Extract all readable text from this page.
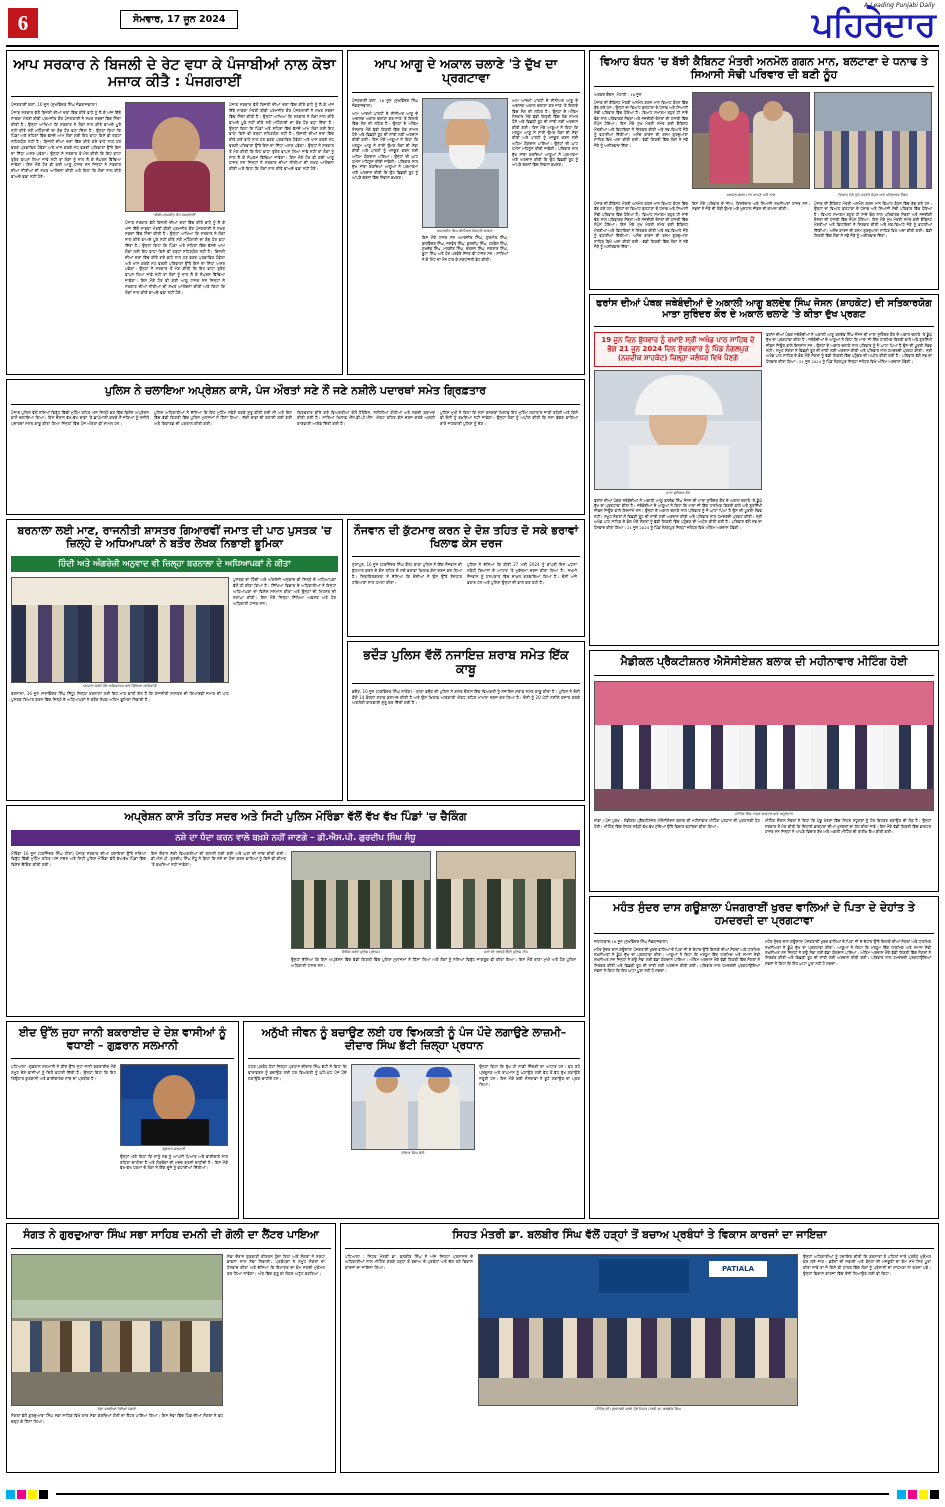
6	ਸੋਮਵਾਰ, 17 ਜੂਨ 2024
A Leading Punjabi Daily
ਪਹਿਰੇਦਾਰ
ਆਪ ਸਰਕਾਰ ਨੇ ਬਿਜਲੀ ਦੇ ਰੇਟ ਵਧਾ ਕੇ ਪੰਜਾਬੀਆਂ ਨਾਲ ਕੋਝਾ ਮਜਾਕ ਕੀਤੈ : ਪੰਜਗਰਾਈਂ
ਪੰਜਗਰਾਈਂ ਕਲਾਂ, 16 ਜੂਨ (ਸੁਖਵਿੰਦਰ ਸਿੰਘ ਜੰਡਬਾਜਵਾਲਾ)
ਪੰਜਾਬ ਸਰਕਾਰ ਵੱਲੋਂ ਬਿਜਲੀ ਦੀਆਂ ਦਰਾਂ ਵਿੱਚ ਕੀਤੇ ਵਾਧੇ ਨੂੰ ਲੈ ਕੇ ਅੱਜ ਇੱਥੇ ਸਾਬਕਾ ਮੰਤਰੀ ਬੀਬੀ ਪਰਮਜੀਤ ਕੌਰ ਪੰਜਗਰਾਈਂ ਨੇ ਸਖ਼ਤ ਸ਼ਬਦਾਂ ਵਿੱਚ ਨਿੰਦਾ ਕੀਤੀ ਹੈ। ਉਨ੍ਹਾਂ ਆਖਿਆ ਕਿ ਸਰਕਾਰ ਨੇ ਲੋਕਾਂ ਨਾਲ ਕੀਤੇ ਵਾਅਦੇ ਪੂਰੇ ਨਹੀਂ ਕੀਤੇ ਸਗੋਂ ਮਹਿੰਗਾਈ ਦਾ ਬੋਝ ਹੋਰ ਵਧਾ ਦਿੱਤਾ ਹੈ। ਉਨ੍ਹਾਂ ਕਿਹਾ ਕਿ ਪਿੰਡਾਂ ਅਤੇ ਸ਼ਹਿਰਾਂ ਵਿੱਚ ਵੱਸਦੇ ਆਮ ਲੋਕਾਂ ਲਈ ਇਹ ਵਾਧਾ ਕਿਸੇ ਵੀ ਤਰ੍ਹਾਂ ਸਹਿਣਯੋਗ ਨਹੀਂ ਹੈ। ਬਿਜਲੀ ਦੀਆਂ ਦਰਾਂ ਵਿੱਚ ਕੀਤੇ ਗਏ ਵਾਧੇ ਨਾਲ ਹਰ ਵਰਗ ਪ੍ਰਭਾਵਿਤ ਹੋਵੇਗਾ ਅਤੇ ਖਾਸ ਕਰਕੇ ਮੱਧ ਵਰਗੀ ਪਰਿਵਾਰਾਂ ਉੱਤੇ ਇਸ ਦਾ ਸਿੱਧਾ ਅਸਰ ਪਵੇਗਾ। ਉਨ੍ਹਾਂ ਨੇ ਸਰਕਾਰ ਤੋਂ ਮੰਗ ਕੀਤੀ ਕਿ ਇਹ ਵਾਧਾ ਤੁਰੰਤ ਵਾਪਸ ਲਿਆ ਜਾਵੇ ਨਹੀਂ ਤਾਂ ਲੋਕਾਂ ਨੂੰ ਨਾਲ ਲੈ ਕੇ ਸੰਘਰਸ਼ ਵਿੱਢਿਆ ਜਾਵੇਗਾ। ਇਸ ਮੌਕੇ ਹੋਰ ਵੀ ਕਈ ਆਗੂ ਹਾਜ਼ਰ ਸਨ ਜਿਨ੍ਹਾਂ ਨੇ ਸਰਕਾਰ ਦੀਆਂ ਨੀਤੀਆਂ ਦੀ ਸਖ਼ਤ ਆਲੋਚਨਾ ਕੀਤੀ ਅਤੇ ਕਿਹਾ ਕਿ ਲੋਕਾਂ ਨਾਲ ਕੀਤੇ ਵਾਅਦੇ ਵਫ਼ਾ ਨਹੀਂ ਹੋਏ।
ਬੀਬੀ ਪਰਮਜੀਤ ਕੌਰ ਪੰਜਗਰਾਈਂ
ਪੰਜਾਬ ਸਰਕਾਰ ਵੱਲੋਂ ਬਿਜਲੀ ਦੀਆਂ ਦਰਾਂ ਵਿੱਚ ਕੀਤੇ ਵਾਧੇ ਨੂੰ ਲੈ ਕੇ ਅੱਜ ਇੱਥੇ ਸਾਬਕਾ ਮੰਤਰੀ ਬੀਬੀ ਪਰਮਜੀਤ ਕੌਰ ਪੰਜਗਰਾਈਂ ਨੇ ਸਖ਼ਤ ਸ਼ਬਦਾਂ ਵਿੱਚ ਨਿੰਦਾ ਕੀਤੀ ਹੈ। ਉਨ੍ਹਾਂ ਆਖਿਆ ਕਿ ਸਰਕਾਰ ਨੇ ਲੋਕਾਂ ਨਾਲ ਕੀਤੇ ਵਾਅਦੇ ਪੂਰੇ ਨਹੀਂ ਕੀਤੇ ਸਗੋਂ ਮਹਿੰਗਾਈ ਦਾ ਬੋਝ ਹੋਰ ਵਧਾ ਦਿੱਤਾ ਹੈ। ਉਨ੍ਹਾਂ ਕਿਹਾ ਕਿ ਪਿੰਡਾਂ ਅਤੇ ਸ਼ਹਿਰਾਂ ਵਿੱਚ ਵੱਸਦੇ ਆਮ ਲੋਕਾਂ ਲਈ ਇਹ ਵਾਧਾ ਕਿਸੇ ਵੀ ਤਰ੍ਹਾਂ ਸਹਿਣਯੋਗ ਨਹੀਂ ਹੈ। ਬਿਜਲੀ ਦੀਆਂ ਦਰਾਂ ਵਿੱਚ ਕੀਤੇ ਗਏ ਵਾਧੇ ਨਾਲ ਹਰ ਵਰਗ ਪ੍ਰਭਾਵਿਤ ਹੋਵੇਗਾ ਅਤੇ ਖਾਸ ਕਰਕੇ ਮੱਧ ਵਰਗੀ ਪਰਿਵਾਰਾਂ ਉੱਤੇ ਇਸ ਦਾ ਸਿੱਧਾ ਅਸਰ ਪਵੇਗਾ। ਉਨ੍ਹਾਂ ਨੇ ਸਰਕਾਰ ਤੋਂ ਮੰਗ ਕੀਤੀ ਕਿ ਇਹ ਵਾਧਾ ਤੁਰੰਤ ਵਾਪਸ ਲਿਆ ਜਾਵੇ ਨਹੀਂ ਤਾਂ ਲੋਕਾਂ ਨੂੰ ਨਾਲ ਲੈ ਕੇ ਸੰਘਰਸ਼ ਵਿੱਢਿਆ ਜਾਵੇਗਾ। ਇਸ ਮੌਕੇ ਹੋਰ ਵੀ ਕਈ ਆਗੂ ਹਾਜ਼ਰ ਸਨ ਜਿਨ੍ਹਾਂ ਨੇ ਸਰਕਾਰ ਦੀਆਂ ਨੀਤੀਆਂ ਦੀ ਸਖ਼ਤ ਆਲੋਚਨਾ ਕੀਤੀ ਅਤੇ ਕਿਹਾ ਕਿ ਲੋਕਾਂ ਨਾਲ ਕੀਤੇ ਵਾਅਦੇ ਵਫ਼ਾ ਨਹੀਂ ਹੋਏ।
ਪੰਜਾਬ ਸਰਕਾਰ ਵੱਲੋਂ ਬਿਜਲੀ ਦੀਆਂ ਦਰਾਂ ਵਿੱਚ ਕੀਤੇ ਵਾਧੇ ਨੂੰ ਲੈ ਕੇ ਅੱਜ ਇੱਥੇ ਸਾਬਕਾ ਮੰਤਰੀ ਬੀਬੀ ਪਰਮਜੀਤ ਕੌਰ ਪੰਜਗਰਾਈਂ ਨੇ ਸਖ਼ਤ ਸ਼ਬਦਾਂ ਵਿੱਚ ਨਿੰਦਾ ਕੀਤੀ ਹੈ। ਉਨ੍ਹਾਂ ਆਖਿਆ ਕਿ ਸਰਕਾਰ ਨੇ ਲੋਕਾਂ ਨਾਲ ਕੀਤੇ ਵਾਅਦੇ ਪੂਰੇ ਨਹੀਂ ਕੀਤੇ ਸਗੋਂ ਮਹਿੰਗਾਈ ਦਾ ਬੋਝ ਹੋਰ ਵਧਾ ਦਿੱਤਾ ਹੈ। ਉਨ੍ਹਾਂ ਕਿਹਾ ਕਿ ਪਿੰਡਾਂ ਅਤੇ ਸ਼ਹਿਰਾਂ ਵਿੱਚ ਵੱਸਦੇ ਆਮ ਲੋਕਾਂ ਲਈ ਇਹ ਵਾਧਾ ਕਿਸੇ ਵੀ ਤਰ੍ਹਾਂ ਸਹਿਣਯੋਗ ਨਹੀਂ ਹੈ। ਬਿਜਲੀ ਦੀਆਂ ਦਰਾਂ ਵਿੱਚ ਕੀਤੇ ਗਏ ਵਾਧੇ ਨਾਲ ਹਰ ਵਰਗ ਪ੍ਰਭਾਵਿਤ ਹੋਵੇਗਾ ਅਤੇ ਖਾਸ ਕਰਕੇ ਮੱਧ ਵਰਗੀ ਪਰਿਵਾਰਾਂ ਉੱਤੇ ਇਸ ਦਾ ਸਿੱਧਾ ਅਸਰ ਪਵੇਗਾ। ਉਨ੍ਹਾਂ ਨੇ ਸਰਕਾਰ ਤੋਂ ਮੰਗ ਕੀਤੀ ਕਿ ਇਹ ਵਾਧਾ ਤੁਰੰਤ ਵਾਪਸ ਲਿਆ ਜਾਵੇ ਨਹੀਂ ਤਾਂ ਲੋਕਾਂ ਨੂੰ ਨਾਲ ਲੈ ਕੇ ਸੰਘਰਸ਼ ਵਿੱਢਿਆ ਜਾਵੇਗਾ। ਇਸ ਮੌਕੇ ਹੋਰ ਵੀ ਕਈ ਆਗੂ ਹਾਜ਼ਰ ਸਨ ਜਿਨ੍ਹਾਂ ਨੇ ਸਰਕਾਰ ਦੀਆਂ ਨੀਤੀਆਂ ਦੀ ਸਖ਼ਤ ਆਲੋਚਨਾ ਕੀਤੀ ਅਤੇ ਕਿਹਾ ਕਿ ਲੋਕਾਂ ਨਾਲ ਕੀਤੇ ਵਾਅਦੇ ਵਫ਼ਾ ਨਹੀਂ ਹੋਏ।
ਆਪ ਆਗੂ ਦੇ ਅਕਾਲ ਚਲਾਣੇ 'ਤੇ ਦੁੱਖ ਦਾ ਪ੍ਰਗਟਾਵਾ
ਪੰਜਗਰਾਈਂ ਕਲਾਂ, 16 ਜੂਨ (ਸੁਖਵਿੰਦਰ ਸਿੰਘ ਜੰਡਬਾਜਵਾਲਾ)
ਆਮ ਆਦਮੀ ਪਾਰਟੀ ਦੇ ਸੀਨੀਅਰ ਆਗੂ ਦੇ ਅਚਾਨਕ ਅਕਾਲ ਚਲਾਣਾ ਕਰ ਜਾਣ 'ਤੇ ਇਲਾਕੇ ਵਿੱਚ ਸੋਗ ਦੀ ਲਹਿਰ ਹੈ। ਉਨ੍ਹਾਂ ਦੇ ਅੰਤਿਮ ਸੰਸਕਾਰ ਮੌਕੇ ਵੱਡੀ ਗਿਣਤੀ ਵਿੱਚ ਲੋਕ ਸ਼ਾਮਲ ਹੋਏ ਅਤੇ ਵਿਛੜੀ ਰੂਹ ਦੀ ਸ਼ਾਂਤੀ ਲਈ ਅਰਦਾਸ ਕੀਤੀ ਗਈ। ਇਸ ਮੌਕੇ ਆਗੂਆਂ ਨੇ ਕਿਹਾ ਕਿ ਮਰਹੂਮ ਆਗੂ ਨੇ ਸਾਰੀ ਉਮਰ ਲੋਕਾਂ ਦੀ ਸੇਵਾ ਕੀਤੀ ਅਤੇ ਪਾਰਟੀ ਨੂੰ ਮਜ਼ਬੂਤ ਕਰਨ ਲਈ ਅਹਿਮ ਯੋਗਦਾਨ ਪਾਇਆ। ਉਨ੍ਹਾਂ ਦੀ ਘਾਟ ਹਮੇਸ਼ਾ ਮਹਿਸੂਸ ਕੀਤੀ ਜਾਵੇਗੀ। ਪਰਿਵਾਰ ਨਾਲ ਦੁੱਖ ਸਾਂਝਾ ਕਰਦਿਆਂ ਆਗੂਆਂ ਨੇ ਪਰਮਾਤਮਾ ਅੱਗੇ ਅਰਦਾਸ ਕੀਤੀ ਕਿ ਉਹ ਵਿਛੜੀ ਰੂਹ ਨੂੰ ਆਪਣੇ ਚਰਨਾਂ ਵਿੱਚ ਨਿਵਾਸ ਬਖ਼ਸ਼ਣ।
ਅਮਰਜੀਤ ਸਿੰਘ ਸੀਨੀਅਰ ਸੈਕਟਰੀ ਸਾਬਕਾ
ਇਸ ਮੌਕੇ ਹਾਜ਼ਰ ਸਨ ਅਮਰਜੀਤ ਸਿੰਘ, ਗੁਰਮੀਤ ਸਿੰਘ, ਬਲਵਿੰਦਰ ਸਿੰਘ, ਜਸਵੰਤ ਸਿੰਘ, ਕੁਲਦੀਪ ਸਿੰਘ, ਹਰਬੰਸ ਸਿੰਘ, ਸੁਖਦੇਵ ਸਿੰਘ, ਮਲਕੀਤ ਸਿੰਘ, ਦਰਸ਼ਨ ਸਿੰਘ, ਜਗਤਾਰ ਸਿੰਘ, ਬੂਟਾ ਸਿੰਘ ਅਤੇ ਹੋਰ ਪਤਵੰਤੇ ਸੱਜਣ ਵੀ ਹਾਜ਼ਰ ਸਨ। ਸਾਰਿਆਂ ਨੇ ਦੋ ਮਿੰਟ ਦਾ ਮੌਨ ਧਾਰ ਕੇ ਸ਼ਰਧਾਂਜਲੀ ਭੇਟ ਕੀਤੀ।
ਆਮ ਆਦਮੀ ਪਾਰਟੀ ਦੇ ਸੀਨੀਅਰ ਆਗੂ ਦੇ ਅਚਾਨਕ ਅਕਾਲ ਚਲਾਣਾ ਕਰ ਜਾਣ 'ਤੇ ਇਲਾਕੇ ਵਿੱਚ ਸੋਗ ਦੀ ਲਹਿਰ ਹੈ। ਉਨ੍ਹਾਂ ਦੇ ਅੰਤਿਮ ਸੰਸਕਾਰ ਮੌਕੇ ਵੱਡੀ ਗਿਣਤੀ ਵਿੱਚ ਲੋਕ ਸ਼ਾਮਲ ਹੋਏ ਅਤੇ ਵਿਛੜੀ ਰੂਹ ਦੀ ਸ਼ਾਂਤੀ ਲਈ ਅਰਦਾਸ ਕੀਤੀ ਗਈ। ਇਸ ਮੌਕੇ ਆਗੂਆਂ ਨੇ ਕਿਹਾ ਕਿ ਮਰਹੂਮ ਆਗੂ ਨੇ ਸਾਰੀ ਉਮਰ ਲੋਕਾਂ ਦੀ ਸੇਵਾ ਕੀਤੀ ਅਤੇ ਪਾਰਟੀ ਨੂੰ ਮਜ਼ਬੂਤ ਕਰਨ ਲਈ ਅਹਿਮ ਯੋਗਦਾਨ ਪਾਇਆ। ਉਨ੍ਹਾਂ ਦੀ ਘਾਟ ਹਮੇਸ਼ਾ ਮਹਿਸੂਸ ਕੀਤੀ ਜਾਵੇਗੀ। ਪਰਿਵਾਰ ਨਾਲ ਦੁੱਖ ਸਾਂਝਾ ਕਰਦਿਆਂ ਆਗੂਆਂ ਨੇ ਪਰਮਾਤਮਾ ਅੱਗੇ ਅਰਦਾਸ ਕੀਤੀ ਕਿ ਉਹ ਵਿਛੜੀ ਰੂਹ ਨੂੰ ਆਪਣੇ ਚਰਨਾਂ ਵਿੱਚ ਨਿਵਾਸ ਬਖ਼ਸ਼ਣ।
ਵਿਆਹ ਬੰਧਨ 'ਚ ਬੱਝੀ ਕੈਬਿਨਟ ਮੰਤਰੀ ਅਨਮੋਲ ਗਗਨ ਮਾਨ, ਬਲਟਾਣਾ ਦੇ ਧਨਾਢ ਤੇ ਸਿਆਸੀ ਸੋਢੀ ਪਰਿਵਾਰ ਦੀ ਬਣੀ ਨੂੰਹ
ਅਣਕਰ ਚੌਦਸ, ਮੋਹਾਲੀ : 16 ਜੂਨ
ਪੰਜਾਬ ਦੀ ਕੈਬਿਨਟ ਮੰਤਰੀ ਅਨਮੋਲ ਗਗਨ ਮਾਨ ਵਿਆਹ ਬੰਧਨ ਵਿੱਚ ਬੱਝ ਗਏ ਹਨ। ਉਨ੍ਹਾਂ ਦਾ ਵਿਆਹ ਬਲਟਾਣਾ ਦੇ ਧਨਾਢ ਅਤੇ ਸਿਆਸੀ ਸੋਢੀ ਪਰਿਵਾਰ ਵਿੱਚ ਹੋਇਆ ਹੈ। ਵਿਆਹ ਸਮਾਗਮ ਬਹੁਤ ਹੀ ਸਾਦੇ ਢੰਗ ਨਾਲ ਪਰਿਵਾਰਕ ਮੈਂਬਰਾਂ ਅਤੇ ਨਜ਼ਦੀਕੀ ਦੋਸਤਾਂ ਦੀ ਹਾਜ਼ਰੀ ਵਿੱਚ ਸੰਪੰਨ ਹੋਇਆ। ਇਸ ਮੌਕੇ ਮੁੱਖ ਮੰਤਰੀ ਸਮੇਤ ਕਈ ਕੈਬਿਨਟ ਮੰਤਰੀਆਂ ਅਤੇ ਵਿਧਾਇਕਾਂ ਨੇ ਸ਼ਿਰਕਤ ਕੀਤੀ ਅਤੇ ਨਵ-ਵਿਆਹੇ ਜੋੜੇ ਨੂੰ ਵਧਾਈਆਂ ਦਿੱਤੀਆਂ। ਅਨੰਦ ਕਾਰਜ ਦੀ ਰਸਮ ਗੁਰਦੁਆਰਾ ਸਾਹਿਬ ਵਿਖੇ ਅਦਾ ਕੀਤੀ ਗਈ। ਵੱਡੀ ਗਿਣਤੀ ਵਿੱਚ ਲੋਕਾਂ ਨੇ ਨਵੇਂ ਜੋੜੇ ਨੂੰ ਅਸ਼ੀਰਵਾਦ ਦਿੱਤਾ।
ਅਨਮੋਲ ਗਗਨ ਮਾਨ ਆਪਣੇ ਪਤੀ ਨਾਲ	ਵਿਆਹ ਮੌਕੇ ਪੁੱਜੇ ਪਤਵੰਤੇ ਸੱਜਣ ਅਤੇ ਪਰਿਵਾਰਕ ਮੈਂਬਰ
ਪੰਜਾਬ ਦੀ ਕੈਬਿਨਟ ਮੰਤਰੀ ਅਨਮੋਲ ਗਗਨ ਮਾਨ ਵਿਆਹ ਬੰਧਨ ਵਿੱਚ ਬੱਝ ਗਏ ਹਨ। ਉਨ੍ਹਾਂ ਦਾ ਵਿਆਹ ਬਲਟਾਣਾ ਦੇ ਧਨਾਢ ਅਤੇ ਸਿਆਸੀ ਸੋਢੀ ਪਰਿਵਾਰ ਵਿੱਚ ਹੋਇਆ ਹੈ। ਵਿਆਹ ਸਮਾਗਮ ਬਹੁਤ ਹੀ ਸਾਦੇ ਢੰਗ ਨਾਲ ਪਰਿਵਾਰਕ ਮੈਂਬਰਾਂ ਅਤੇ ਨਜ਼ਦੀਕੀ ਦੋਸਤਾਂ ਦੀ ਹਾਜ਼ਰੀ ਵਿੱਚ ਸੰਪੰਨ ਹੋਇਆ। ਇਸ ਮੌਕੇ ਮੁੱਖ ਮੰਤਰੀ ਸਮੇਤ ਕਈ ਕੈਬਿਨਟ ਮੰਤਰੀਆਂ ਅਤੇ ਵਿਧਾਇਕਾਂ ਨੇ ਸ਼ਿਰਕਤ ਕੀਤੀ ਅਤੇ ਨਵ-ਵਿਆਹੇ ਜੋੜੇ ਨੂੰ ਵਧਾਈਆਂ ਦਿੱਤੀਆਂ। ਅਨੰਦ ਕਾਰਜ ਦੀ ਰਸਮ ਗੁਰਦੁਆਰਾ ਸਾਹਿਬ ਵਿਖੇ ਅਦਾ ਕੀਤੀ ਗਈ। ਵੱਡੀ ਗਿਣਤੀ ਵਿੱਚ ਲੋਕਾਂ ਨੇ ਨਵੇਂ ਜੋੜੇ ਨੂੰ ਅਸ਼ੀਰਵਾਦ ਦਿੱਤਾ।
ਇਸ ਮੌਕੇ ਪਰਿਵਾਰ ਦੇ ਜੀਅ, ਰਿਸ਼ਤੇਦਾਰ ਅਤੇ ਸਿਆਸੀ ਸ਼ਖ਼ਸੀਅਤਾਂ ਹਾਜ਼ਰ ਸਨ। ਸਭਨਾਂ ਨੇ ਜੋੜੇ ਦੀ ਲੰਬੀ ਉਮਰ ਅਤੇ ਖੁਸ਼ਹਾਲ ਜੀਵਨ ਦੀ ਕਾਮਨਾ ਕੀਤੀ।
ਪੰਜਾਬ ਦੀ ਕੈਬਿਨਟ ਮੰਤਰੀ ਅਨਮੋਲ ਗਗਨ ਮਾਨ ਵਿਆਹ ਬੰਧਨ ਵਿੱਚ ਬੱਝ ਗਏ ਹਨ। ਉਨ੍ਹਾਂ ਦਾ ਵਿਆਹ ਬਲਟਾਣਾ ਦੇ ਧਨਾਢ ਅਤੇ ਸਿਆਸੀ ਸੋਢੀ ਪਰਿਵਾਰ ਵਿੱਚ ਹੋਇਆ ਹੈ। ਵਿਆਹ ਸਮਾਗਮ ਬਹੁਤ ਹੀ ਸਾਦੇ ਢੰਗ ਨਾਲ ਪਰਿਵਾਰਕ ਮੈਂਬਰਾਂ ਅਤੇ ਨਜ਼ਦੀਕੀ ਦੋਸਤਾਂ ਦੀ ਹਾਜ਼ਰੀ ਵਿੱਚ ਸੰਪੰਨ ਹੋਇਆ। ਇਸ ਮੌਕੇ ਮੁੱਖ ਮੰਤਰੀ ਸਮੇਤ ਕਈ ਕੈਬਿਨਟ ਮੰਤਰੀਆਂ ਅਤੇ ਵਿਧਾਇਕਾਂ ਨੇ ਸ਼ਿਰਕਤ ਕੀਤੀ ਅਤੇ ਨਵ-ਵਿਆਹੇ ਜੋੜੇ ਨੂੰ ਵਧਾਈਆਂ ਦਿੱਤੀਆਂ। ਅਨੰਦ ਕਾਰਜ ਦੀ ਰਸਮ ਗੁਰਦੁਆਰਾ ਸਾਹਿਬ ਵਿਖੇ ਅਦਾ ਕੀਤੀ ਗਈ। ਵੱਡੀ ਗਿਣਤੀ ਵਿੱਚ ਲੋਕਾਂ ਨੇ ਨਵੇਂ ਜੋੜੇ ਨੂੰ ਅਸ਼ੀਰਵਾਦ ਦਿੱਤਾ।
ਫਰਾਂਸ ਦੀਆਂ ਪੰਥਕ ਜਥੇਬੰਦੀਆਂ ਦੇ ਅਕਾਲੀ ਆਗੂ ਬਲਦੇਵ ਸਿੰਘ ਜੋਸਨ (ਸ਼ਾਹਕੋਟ) ਦੀ ਸਤਿਕਾਰਯੋਗ ਮਾਤਾ ਸੁਰਿੰਦਰ ਕੌਰ ਦੇ ਅਕਾਲ ਚਲਾਣੇ 'ਤੇ ਕੀਤਾ ਦੁੱਖ ਪ੍ਰਗਟ
19 ਜੂਨ ਦਿਨ ਬੁੱਧਵਾਰ ਨੂੰ ਰਖਾਏ ਸ੍ਰੀ ਅਖੰਡ ਪਾਠ ਸਾਹਿਬ ਦੇ ਭੋਗ 21 ਜੂਨ 2024 ਦਿਨ ਸ਼ੁੱਕਰਵਾਰ ਨੂੰ ਪਿੰਡ ਨੰਗਲਪੁਰ (ਨਜ਼ਦੀਕ ਸ਼ਾਹਕੋਟ) ਜ਼ਿਲ੍ਹਾ ਜਲੰਧਰ ਵਿਖੇ ਪੈਣਗੇ
ਮਾਤਾ ਸੁਰਿੰਦਰ ਕੌਰ
ਫਰਾਂਸ ਦੀਆਂ ਪੰਥਕ ਜਥੇਬੰਦੀਆਂ ਨੇ ਅਕਾਲੀ ਆਗੂ ਬਲਦੇਵ ਸਿੰਘ ਜੋਸਨ ਦੀ ਮਾਤਾ ਸੁਰਿੰਦਰ ਕੌਰ ਦੇ ਅਕਾਲ ਚਲਾਣੇ 'ਤੇ ਡੂੰਘੇ ਦੁੱਖ ਦਾ ਪ੍ਰਗਟਾਵਾ ਕੀਤਾ ਹੈ। ਜਥੇਬੰਦੀਆਂ ਦੇ ਆਗੂਆਂ ਨੇ ਕਿਹਾ ਕਿ ਮਾਤਾ ਜੀ ਇੱਕ ਧਾਰਮਿਕ ਬਿਰਤੀ ਵਾਲੇ ਅਤੇ ਗੁਰਸਿੱਖੀ ਜੀਵਨ ਜਿਊਣ ਵਾਲੇ ਇਨਸਾਨ ਸਨ। ਉਨ੍ਹਾਂ ਦੇ ਅਕਾਲ ਚਲਾਣੇ ਨਾਲ ਪਰਿਵਾਰ ਨੂੰ ਜੋ ਘਾਟਾ ਪਿਆ ਹੈ ਉਸ ਦੀ ਪੂਰਤੀ ਸੰਭਵ ਨਹੀਂ। ਸਮੂਹ ਸੰਗਤਾਂ ਨੇ ਵਿਛੜੀ ਰੂਹ ਦੀ ਸ਼ਾਂਤੀ ਲਈ ਅਰਦਾਸ ਕੀਤੀ ਅਤੇ ਪਰਿਵਾਰ ਨਾਲ ਹਮਦਰਦੀ ਪ੍ਰਗਟ ਕੀਤੀ। ਸ੍ਰੀ ਅਖੰਡ ਪਾਠ ਸਾਹਿਬ ਦੇ ਭੋਗ ਮੌਕੇ ਸੰਗਤਾਂ ਨੂੰ ਵੱਡੀ ਗਿਣਤੀ ਵਿੱਚ ਪਹੁੰਚਣ ਦੀ ਅਪੀਲ ਕੀਤੀ ਗਈ ਹੈ। ਪਰਿਵਾਰ ਵੱਲੋਂ ਸਭ ਦਾ ਧੰਨਵਾਦ ਕੀਤਾ ਗਿਆ। 21 ਜੂਨ 2024 ਨੂੰ ਪਿੰਡ ਨੰਗਲਪੁਰ ਜ਼ਿਲ੍ਹਾ ਜਲੰਧਰ ਵਿਖੇ ਅੰਤਿਮ ਅਰਦਾਸ ਹੋਵੇਗੀ।
ਫਰਾਂਸ ਦੀਆਂ ਪੰਥਕ ਜਥੇਬੰਦੀਆਂ ਨੇ ਅਕਾਲੀ ਆਗੂ ਬਲਦੇਵ ਸਿੰਘ ਜੋਸਨ ਦੀ ਮਾਤਾ ਸੁਰਿੰਦਰ ਕੌਰ ਦੇ ਅਕਾਲ ਚਲਾਣੇ 'ਤੇ ਡੂੰਘੇ ਦੁੱਖ ਦਾ ਪ੍ਰਗਟਾਵਾ ਕੀਤਾ ਹੈ। ਜਥੇਬੰਦੀਆਂ ਦੇ ਆਗੂਆਂ ਨੇ ਕਿਹਾ ਕਿ ਮਾਤਾ ਜੀ ਇੱਕ ਧਾਰਮਿਕ ਬਿਰਤੀ ਵਾਲੇ ਅਤੇ ਗੁਰਸਿੱਖੀ ਜੀਵਨ ਜਿਊਣ ਵਾਲੇ ਇਨਸਾਨ ਸਨ। ਉਨ੍ਹਾਂ ਦੇ ਅਕਾਲ ਚਲਾਣੇ ਨਾਲ ਪਰਿਵਾਰ ਨੂੰ ਜੋ ਘਾਟਾ ਪਿਆ ਹੈ ਉਸ ਦੀ ਪੂਰਤੀ ਸੰਭਵ ਨਹੀਂ। ਸਮੂਹ ਸੰਗਤਾਂ ਨੇ ਵਿਛੜੀ ਰੂਹ ਦੀ ਸ਼ਾਂਤੀ ਲਈ ਅਰਦਾਸ ਕੀਤੀ ਅਤੇ ਪਰਿਵਾਰ ਨਾਲ ਹਮਦਰਦੀ ਪ੍ਰਗਟ ਕੀਤੀ। ਸ੍ਰੀ ਅਖੰਡ ਪਾਠ ਸਾਹਿਬ ਦੇ ਭੋਗ ਮੌਕੇ ਸੰਗਤਾਂ ਨੂੰ ਵੱਡੀ ਗਿਣਤੀ ਵਿੱਚ ਪਹੁੰਚਣ ਦੀ ਅਪੀਲ ਕੀਤੀ ਗਈ ਹੈ। ਪਰਿਵਾਰ ਵੱਲੋਂ ਸਭ ਦਾ ਧੰਨਵਾਦ ਕੀਤਾ ਗਿਆ। 21 ਜੂਨ 2024 ਨੂੰ ਪਿੰਡ ਨੰਗਲਪੁਰ ਜ਼ਿਲ੍ਹਾ ਜਲੰਧਰ ਵਿਖੇ ਅੰਤਿਮ ਅਰਦਾਸ ਹੋਵੇਗੀ।
ਪੁਲਿਸ ਨੇ ਚਲਾਇਆ ਅਪ੍ਰੇਸ਼ਨ ਕਾਸੋ, ਪੰਜ ਔਰਤਾਂ ਸਣੇ ਨੌਂ ਜਣੇ ਨਸ਼ੀਲੇ ਪਦਾਰਥਾਂ ਸਮੇਤ ਗ੍ਰਿਫ਼ਤਾਰ
ਪੰਜਾਬ ਪੁਲਿਸ ਵੱਲੋਂ ਨਸ਼ਿਆਂ ਵਿਰੁੱਧ ਵਿੱਢੀ ਮੁਹਿੰਮ ਤਹਿਤ ਅੱਜ ਜ਼ਿਲ੍ਹੇ ਭਰ ਵਿੱਚ ਵਿਸ਼ੇਸ਼ ਅਪ੍ਰੇਸ਼ਨ ਕਾਸੋ ਚਲਾਇਆ ਗਿਆ। ਇਸ ਦੌਰਾਨ ਵੱਖ-ਵੱਖ ਥਾਵਾਂ 'ਤੇ ਛਾਪੇਮਾਰੀ ਕਰਕੇ ਨੌਂ ਜਣਿਆਂ ਨੂੰ ਨਸ਼ੀਲੇ ਪਦਾਰਥਾਂ ਸਮੇਤ ਕਾਬੂ ਕੀਤਾ ਗਿਆ ਜਿਨ੍ਹਾਂ ਵਿੱਚ ਪੰਜ ਔਰਤਾਂ ਵੀ ਸ਼ਾਮਲ ਹਨ।
ਪੁਲਿਸ ਅਧਿਕਾਰੀਆਂ ਨੇ ਦੱਸਿਆ ਕਿ ਇਹ ਮੁਹਿੰਮ ਸਵੇਰੇ ਤੜਕੇ ਸ਼ੁਰੂ ਕੀਤੀ ਗਈ ਸੀ ਅਤੇ ਇਸ ਵਿੱਚ ਵੱਡੀ ਗਿਣਤੀ ਵਿੱਚ ਪੁਲਿਸ ਮੁਲਾਜ਼ਮਾਂ ਨੇ ਹਿੱਸਾ ਲਿਆ। ਸ਼ੱਕੀ ਥਾਵਾਂ ਦੀ ਤਲਾਸ਼ੀ ਲਈ ਗਈ ਅਤੇ ਰਿਕਾਰਡ ਦੀ ਪੜਤਾਲ ਕੀਤੀ ਗਈ।
ਗ੍ਰਿਫ਼ਤਾਰ ਕੀਤੇ ਗਏ ਵਿਅਕਤੀਆਂ ਕੋਲੋਂ ਹੈਰੋਇਨ, ਨਸ਼ੀਲੀਆਂ ਗੋਲੀਆਂ ਅਤੇ ਨਕਦੀ ਬਰਾਮਦ ਕੀਤੀ ਗਈ ਹੈ। ਸਾਰਿਆਂ ਖ਼ਿਲਾਫ਼ ਐੱਨ.ਡੀ.ਪੀ.ਐੱਸ. ਐਕਟ ਤਹਿਤ ਕੇਸ ਦਰਜ ਕਰਕੇ ਅਗਲੀ ਕਾਰਵਾਈ ਆਰੰਭ ਦਿੱਤੀ ਗਈ ਹੈ।
ਪੁਲਿਸ ਮੁਖੀ ਨੇ ਕਿਹਾ ਕਿ ਨਸ਼ਾ ਤਸਕਰਾਂ ਖ਼ਿਲਾਫ਼ ਇਹ ਮੁਹਿੰਮ ਲਗਾਤਾਰ ਜਾਰੀ ਰਹੇਗੀ ਅਤੇ ਕਿਸੇ ਵੀ ਦੋਸ਼ੀ ਨੂੰ ਬਖ਼ਸ਼ਿਆ ਨਹੀਂ ਜਾਵੇਗਾ। ਉਨ੍ਹਾਂ ਲੋਕਾਂ ਨੂੰ ਅਪੀਲ ਕੀਤੀ ਕਿ ਨਸ਼ਾ ਵੇਚਣ ਵਾਲਿਆਂ ਬਾਰੇ ਜਾਣਕਾਰੀ ਪੁਲਿਸ ਨੂੰ ਦੇਣ।
ਬਰਨਾਲਾ ਲਈ ਮਾਣ, ਰਾਜਨੀਤੀ ਸ਼ਾਸਤਰ ਗਿਆਰਵੀਂ ਜਮਾਤ ਦੀ ਪਾਠ ਪੁਸਤਕ 'ਚ ਜ਼ਿਲ੍ਹੇ ਦੇ ਅਧਿਆਪਕਾਂ ਨੇ ਬਤੌਰ ਲੇਖਕ ਨਿਭਾਈ ਭੂਮਿਕਾ
ਹਿੰਦੀ ਅਤੇ ਅੰਗਰੇਜ਼ੀ ਅਨੁਵਾਦ ਵੀ ਜ਼ਿਲ੍ਹਾ ਬਰਨਾਲਾ ਦੇ ਅਧਿਆਪਕਾਂ ਨੇ ਕੀਤਾ
ਸਨਮਾਨ ਕਰਦੇ ਹੋਏ ਅਧਿਆਪਕ ਅਤੇ ਸਿੱਖਿਆ ਅਧਿਕਾਰੀ
ਬਰਨਾਲਾ, 16 ਜੂਨ (ਜਸਵਿੰਦਰ ਸਿੰਘ ਸਿੱਧੂ) ਜ਼ਿਲ੍ਹਾ ਬਰਨਾਲਾ ਲਈ ਇਹ ਮਾਣ ਵਾਲੀ ਗੱਲ ਹੈ ਕਿ ਰਾਜਨੀਤੀ ਸ਼ਾਸਤਰ ਦੀ ਗਿਆਰਵੀਂ ਜਮਾਤ ਦੀ ਪਾਠ ਪੁਸਤਕ ਤਿਆਰ ਕਰਨ ਵਿੱਚ ਜ਼ਿਲ੍ਹੇ ਦੇ ਅਧਿਆਪਕਾਂ ਨੇ ਬਤੌਰ ਲੇਖਕ ਅਹਿਮ ਭੂਮਿਕਾ ਨਿਭਾਈ ਹੈ।
ਪੁਸਤਕ ਦਾ ਹਿੰਦੀ ਅਤੇ ਅੰਗਰੇਜ਼ੀ ਅਨੁਵਾਦ ਵੀ ਜ਼ਿਲ੍ਹੇ ਦੇ ਅਧਿਆਪਕਾਂ ਵੱਲੋਂ ਹੀ ਕੀਤਾ ਗਿਆ ਹੈ। ਸਿੱਖਿਆ ਵਿਭਾਗ ਦੇ ਅਧਿਕਾਰੀਆਂ ਨੇ ਇਨ੍ਹਾਂ ਅਧਿਆਪਕਾਂ ਦਾ ਵਿਸ਼ੇਸ਼ ਸਨਮਾਨ ਕੀਤਾ ਅਤੇ ਉਨ੍ਹਾਂ ਦੀ ਮਿਹਨਤ ਦੀ ਸ਼ਲਾਘਾ ਕੀਤੀ। ਇਸ ਮੌਕੇ ਜ਼ਿਲ੍ਹਾ ਸਿੱਖਿਆ ਅਫ਼ਸਰ ਅਤੇ ਹੋਰ ਅਧਿਕਾਰੀ ਹਾਜ਼ਰ ਸਨ।
ਨੌਜਵਾਨ ਦੀ ਕੁੱਟਮਾਰ ਕਰਨ ਦੇ ਦੋਸ਼ ਤਹਿਤ ਦੋ ਸਕੇ ਭਰਾਵਾਂ ਖਿਲਾਫ ਕੇਸ ਦਰਜ
ਮੁੱਲਾਂਪੁਰ, 16 ਜੂਨ (ਹਰਜਿੰਦਰ ਸਿੰਘ ਕੌਲ) ਥਾਣਾ ਪੁਲਿਸ ਨੇ ਇੱਕ ਨੌਜਵਾਨ ਦੀ ਕੁੱਟਮਾਰ ਕਰਨ ਦੇ ਦੋਸ਼ ਤਹਿਤ ਦੋ ਸਕੇ ਭਰਾਵਾਂ ਖ਼ਿਲਾਫ਼ ਕੇਸ ਦਰਜ ਕਰ ਲਿਆ ਹੈ। ਸ਼ਿਕਾਇਤਕਰਤਾ ਨੇ ਦੱਸਿਆ ਕਿ ਦੋਸ਼ੀਆਂ ਨੇ ਉਸ ਉੱਤੇ ਤੇਜ਼ਧਾਰ ਹਥਿਆਰਾਂ ਨਾਲ ਹਮਲਾ ਕੀਤਾ।
ਪੁਲਿਸ ਨੇ ਦੱਸਿਆ ਕਿ ਬੀਤੀ 27 ਮਈ 2024 ਨੂੰ ਵਾਪਰੀ ਇਸ ਘਟਨਾ ਸਬੰਧੀ ਬਿਆਨਾਂ ਦੇ ਆਧਾਰ 'ਤੇ ਮੁਕੱਦਮਾ ਦਰਜ ਕੀਤਾ ਗਿਆ ਹੈ। ਜ਼ਖ਼ਮੀ ਨੌਜਵਾਨ ਨੂੰ ਹਸਪਤਾਲ ਵਿੱਚ ਦਾਖ਼ਲ ਕਰਵਾਇਆ ਗਿਆ ਹੈ। ਦੋਸ਼ੀ ਅਜੇ ਫ਼ਰਾਰ ਹਨ ਅਤੇ ਪੁਲਿਸ ਉਨ੍ਹਾਂ ਦੀ ਭਾਲ ਕਰ ਰਹੀ ਹੈ।
ਭਦੌੜ ਪੁਲਿਸ ਵੱਲੋਂ ਨਜਾਇਜ਼ ਸ਼ਰਾਬ ਸਮੇਤ ਇੱਕ ਕਾਬੂ
ਭਦੌੜ, 16 ਜੂਨ (ਹਰਵਿੰਦਰ ਸਿੰਘ ਸਾਰੰਗ) - ਥਾਣਾ ਭਦੌੜ ਦੀ ਪੁਲਿਸ ਨੇ ਗਸ਼ਤ ਦੌਰਾਨ ਇੱਕ ਵਿਅਕਤੀ ਨੂੰ ਨਜਾਇਜ਼ ਸ਼ਰਾਬ ਸਮੇਤ ਕਾਬੂ ਕੀਤਾ ਹੈ। ਪੁਲਿਸ ਨੇ ਦੋਸ਼ੀ ਕੋਲੋਂ 14 ਬੋਤਲਾਂ ਸ਼ਰਾਬ ਬਰਾਮਦ ਕੀਤੀ ਹੈ ਅਤੇ ਉਸ ਖ਼ਿਲਾਫ਼ ਆਬਕਾਰੀ ਐਕਟ ਤਹਿਤ ਮਾਮਲਾ ਦਰਜ ਕਰ ਲਿਆ ਹੈ। ਦੋਸ਼ੀ ਨੂੰ 20 ਪੇਟੀ ਨਸ਼ੀਲੇ ਕਸਾਰ ਕਰਕੇ ਅਗਲੇਰੀ ਕਾਰਵਾਈ ਸ਼ੁਰੂ ਕਰ ਦਿੱਤੀ ਗਈ ਹੈ।
ਮੈਡੀਕਲ ਪ੍ਰੈਕਟੀਸ਼ਨਰ ਐਸੋਸੀਏਸ਼ਨ ਬਲਾਕ ਦੀ ਮਹੀਨਾਵਾਰ ਮੀਟਿੰਗ ਹੋਈ
ਮੀਟਿੰਗ ਵਿੱਚ ਹਾਜ਼ਰ ਡਾਕਟਰ ਅਤੇ ਅਹੁਦੇਦਾਰ
ਨਾਭਾ / ਪੰਜ ਪੁਰਖ : ਮੈਡੀਕਲ ਪ੍ਰੈਕਟੀਸ਼ਨਰ ਐਸੋਸੀਏਸ਼ਨ ਬਲਾਕ ਦੀ ਮਹੀਨਾਵਾਰ ਮੀਟਿੰਗ ਪ੍ਰਧਾਨ ਦੀ ਪ੍ਰਧਾਨਗੀ ਹੇਠ ਹੋਈ। ਮੀਟਿੰਗ ਵਿੱਚ ਸਿਹਤ ਸਬੰਧੀ ਵੱਖ-ਵੱਖ ਮੁੱਦਿਆਂ ਉੱਤੇ ਵਿਚਾਰ ਵਟਾਂਦਰਾ ਕੀਤਾ ਗਿਆ।
ਮੀਟਿੰਗ ਦੌਰਾਨ ਮੈਂਬਰਾਂ ਨੇ ਕਿਹਾ ਕਿ ਪੇਂਡੂ ਖੇਤਰਾਂ ਵਿੱਚ ਸਿਹਤ ਸਹੂਲਤਾਂ ਨੂੰ ਹੋਰ ਬਿਹਤਰ ਬਣਾਉਣ ਦੀ ਲੋੜ ਹੈ। ਉਨ੍ਹਾਂ ਸਰਕਾਰ ਤੋਂ ਮੰਗ ਕੀਤੀ ਕਿ ਦਿਹਾਤੀ ਡਾਕਟਰਾਂ ਦੀਆਂ ਮੁਸ਼ਕਲਾਂ ਦਾ ਹੱਲ ਕੀਤਾ ਜਾਵੇ। ਇਸ ਮੌਕੇ ਵੱਡੀ ਗਿਣਤੀ ਵਿੱਚ ਡਾਕਟਰ ਹਾਜ਼ਰ ਸਨ ਜਿਨ੍ਹਾਂ ਨੇ ਆਪਣੇ ਵਿਚਾਰ ਰੱਖੇ ਅਤੇ ਅਗਲੀ ਮੀਟਿੰਗ ਦੀ ਤਾਰੀਖ਼ ਤੈਅ ਕੀਤੀ ਗਈ।
ਅਪ੍ਰੇਸ਼ਨ ਕਾਸੋ ਤਹਿਤ ਸਦਰ ਅਤੇ ਸਿਟੀ ਪੁਲਿਸ ਮੋਰਿੰਡਾ ਵੱਲੋਂ ਵੱਖ ਵੱਖ ਪਿੰਡਾਂ 'ਚ ਚੈਕਿੰਗ
ਨਸ਼ੇ ਦਾ ਧੰਦਾ ਕਰਨ ਵਾਲੇ ਬਖ਼ਸ਼ੇ ਨਹੀਂ ਜਾਣਗੇ – ਡੀ.ਐਸ.ਪੀ. ਗੁਰਦੀਪ ਸਿੰਘ ਸੰਧੂ
ਮੋਰਿੰਡਾ 16 ਜੂਨ (ਹਰਜਿੰਦਰ ਸਿੰਘ ਹੀਰਾ) ਪੰਜਾਬ ਸਰਕਾਰ ਦੀਆਂ ਹਦਾਇਤਾਂ ਉੱਤੇ ਨਸ਼ਿਆਂ ਵਿਰੁੱਧ ਵਿੱਢੀ ਮੁਹਿੰਮ ਤਹਿਤ ਅੱਜ ਸਦਰ ਅਤੇ ਸਿਟੀ ਪੁਲਿਸ ਮੋਰਿੰਡਾ ਵੱਲੋਂ ਵੱਖ-ਵੱਖ ਪਿੰਡਾਂ ਵਿੱਚ ਵਿਸ਼ੇਸ਼ ਚੈਕਿੰਗ ਕੀਤੀ ਗਈ।
ਇਸ ਦੌਰਾਨ ਸ਼ੱਕੀ ਵਿਅਕਤੀਆਂ ਦੀ ਤਲਾਸ਼ੀ ਲਈ ਗਈ ਅਤੇ ਘਰਾਂ ਦੀ ਜਾਂਚ ਕੀਤੀ ਗਈ। ਡੀ.ਐਸ.ਪੀ. ਗੁਰਦੀਪ ਸਿੰਘ ਸੰਧੂ ਨੇ ਕਿਹਾ ਕਿ ਨਸ਼ੇ ਦਾ ਧੰਦਾ ਕਰਨ ਵਾਲਿਆਂ ਨੂੰ ਕਿਸੇ ਵੀ ਕੀਮਤ 'ਤੇ ਬਖ਼ਸ਼ਿਆ ਨਹੀਂ ਜਾਵੇਗਾ।
ਚੈਕਿੰਗ ਕਰਦੇ ਪੁਲਿਸ ਮੁਲਾਜ਼ਮ	ਘਰਾਂ ਦੀ ਤਲਾਸ਼ੀ ਲੈਂਦੀ ਪੁਲਿਸ ਟੀਮ
ਉਨ੍ਹਾਂ ਦੱਸਿਆ ਕਿ ਇਸ ਅਪ੍ਰੇਸ਼ਨ ਵਿੱਚ ਵੱਡੀ ਗਿਣਤੀ ਵਿੱਚ ਪੁਲਿਸ ਮੁਲਾਜ਼ਮਾਂ ਨੇ ਹਿੱਸਾ ਲਿਆ ਅਤੇ ਲੋਕਾਂ ਨੂੰ ਨਸ਼ਿਆਂ ਵਿਰੁੱਧ ਜਾਗਰੂਕ ਵੀ ਕੀਤਾ ਗਿਆ। ਇਸ ਮੌਕੇ ਥਾਣਾ ਮੁਖੀ ਅਤੇ ਹੋਰ ਪੁਲਿਸ ਅਧਿਕਾਰੀ ਹਾਜ਼ਰ ਸਨ।
ਈਦ ਉੱਲ ਜੁਹਾ ਜਾਨੀ ਬਕਰਾਈਦ ਦੇ ਦੇਸ਼ ਵਾਸੀਆਂ ਨੂੰ ਵਧਾਈ – ਗੁਫ਼ਰਾਨ ਸਲਮਾਨੀ
ਪਟਿਆਲਾ -ਗੁਫ਼ਰਾਨ ਸਲਮਾਨੀ ਨੇ ਈਦ ਉੱਲ ਜੁਹਾ ਜਾਨੀ ਬਕਰਾਈਦ ਮੌਕੇ ਸਮੂਹ ਦੇਸ਼ ਵਾਸੀਆਂ ਨੂੰ ਦਿਲੋਂ ਵਧਾਈ ਦਿੱਤੀ ਹੈ। ਉਨ੍ਹਾਂ ਕਿਹਾ ਕਿ ਇਹ ਤਿਉਹਾਰ ਕੁਰਬਾਨੀ ਅਤੇ ਭਾਈਚਾਰਕ ਸਾਂਝ ਦਾ ਪ੍ਰਤੀਕ ਹੈ।
ਗੁਫ਼ਰਾਨ ਸਲਮਾਨੀ
ਉਨ੍ਹਾਂ ਅੱਗੇ ਕਿਹਾ ਕਿ ਸਾਨੂੰ ਸਭ ਨੂੰ ਆਪਸੀ ਪਿਆਰ ਅਤੇ ਭਾਈਚਾਰੇ ਨਾਲ ਰਹਿਣਾ ਚਾਹੀਦਾ ਹੈ ਅਤੇ ਲੋੜਵੰਦਾਂ ਦੀ ਮਦਦ ਕਰਨੀ ਚਾਹੀਦੀ ਹੈ। ਇਸ ਮੌਕੇ ਵੱਖ-ਵੱਖ ਧਰਮਾਂ ਦੇ ਲੋਕਾਂ ਨੇ ਇੱਕ ਦੂਜੇ ਨੂੰ ਵਧਾਈਆਂ ਦਿੱਤੀਆਂ।
ਅਨੁੱਖੀ ਜੀਵਨ ਨੂੰ ਬਚਾਉਣ ਲਈ ਹਰ ਵਿਅਕਤੀ ਨੂੰ ਪੰਜ ਪੌਦੇ ਲਗਾਉਣੇ ਲਾਜ਼ਮੀ– ਦੀਦਾਰ ਸਿੰਘ ਭੱਟੀ ਜ਼ਿਲ੍ਹਾ ਪ੍ਰਧਾਨ
ਪੱਧਰ ਪ੍ਰਬੰਧ ਹੇਠਾਂ ਜ਼ਿਲ੍ਹਾ ਪ੍ਰਧਾਨ ਦੀਦਾਰ ਸਿੰਘ ਭੱਟੀ ਨੇ ਕਿਹਾ ਕਿ ਵਾਤਾਵਰਨ ਨੂੰ ਬਚਾਉਣ ਲਈ ਹਰ ਵਿਅਕਤੀ ਨੂੰ ਘੱਟੋ-ਘੱਟ ਪੰਜ ਪੌਦੇ ਲਗਾਉਣੇ ਚਾਹੀਦੇ ਹਨ।
ਦੀਦਾਰ ਸਿੰਘ ਭੱਟੀ
ਉਨ੍ਹਾਂ ਕਿਹਾ ਕਿ ਰੁੱਖ ਹੀ ਸਾਡੀ ਜ਼ਿੰਦਗੀ ਦਾ ਆਧਾਰ ਹਨ। ਵਧ ਰਹੇ ਪ੍ਰਦੂਸ਼ਣ ਅਤੇ ਤਾਪਮਾਨ ਨੂੰ ਘਟਾਉਣ ਲਈ ਵੱਧ ਤੋਂ ਵੱਧ ਰੁੱਖ ਲਗਾਉਣੇ ਜ਼ਰੂਰੀ ਹਨ। ਇਸ ਮੌਕੇ ਕਈ ਸੰਸਥਾਵਾਂ ਨੇ ਬੂਟੇ ਲਗਾਉਣ ਦਾ ਪ੍ਰਣ ਲਿਆ।
ਮਹੰਤ ਸੁੰਦਰ ਦਾਸ ਗਊਸ਼ਾਲਾ ਪੰਜਗਰਾਈਂ ਖੁਰਦ ਵਾਲਿਆਂ ਦੇ ਪਿਤਾ ਦੇ ਦੇਹਾਂਤ ਤੇ ਹਮਦਰਦੀ ਦਾ ਪ੍ਰਗਟਾਵਾ
ਜਲਾਲਾਬਾਦ,16 ਜੂਨ (ਸੁਖਵਿੰਦਰ ਸਿੰਘ ਜੰਡਬਾਜਵਾਲਾ)
ਮਹੰਤ ਸੁੰਦਰ ਦਾਸ ਗਊਸ਼ਾਲਾ ਪੰਜਗਰਾਈਂ ਖੁਰਦ ਵਾਲਿਆਂ ਦੇ ਪਿਤਾ ਜੀ ਦੇ ਦੇਹਾਂਤ ਉੱਤੇ ਇਲਾਕੇ ਦੀਆਂ ਸੰਗਤਾਂ ਅਤੇ ਧਾਰਮਿਕ ਸ਼ਖ਼ਸੀਅਤਾਂ ਨੇ ਡੂੰਘੇ ਦੁੱਖ ਦਾ ਪ੍ਰਗਟਾਵਾ ਕੀਤਾ। ਆਗੂਆਂ ਨੇ ਕਿਹਾ ਕਿ ਮਰਹੂਮ ਇੱਕ ਧਾਰਮਿਕ ਅਤੇ ਸਮਾਜ ਸੇਵੀ ਸ਼ਖ਼ਸੀਅਤ ਸਨ ਜਿਨ੍ਹਾਂ ਨੇ ਗਊ ਸੇਵਾ ਲਈ ਵੱਡਾ ਯੋਗਦਾਨ ਪਾਇਆ। ਅੰਤਿਮ ਅਰਦਾਸ ਮੌਕੇ ਵੱਡੀ ਗਿਣਤੀ ਵਿੱਚ ਸੰਗਤਾਂ ਨੇ ਸ਼ਿਰਕਤ ਕੀਤੀ ਅਤੇ ਵਿਛੜੀ ਰੂਹ ਦੀ ਸ਼ਾਂਤੀ ਲਈ ਅਰਦਾਸ ਕੀਤੀ ਗਈ। ਪਰਿਵਾਰ ਨਾਲ ਹਮਦਰਦੀ ਪ੍ਰਗਟਾਉਂਦਿਆਂ ਸਭਨਾਂ ਨੇ ਕਿਹਾ ਕਿ ਇਹ ਘਾਟਾ ਪੂਰਾ ਨਹੀਂ ਹੋ ਸਕਦਾ।
ਮਹੰਤ ਸੁੰਦਰ ਦਾਸ ਗਊਸ਼ਾਲਾ ਪੰਜਗਰਾਈਂ ਖੁਰਦ ਵਾਲਿਆਂ ਦੇ ਪਿਤਾ ਜੀ ਦੇ ਦੇਹਾਂਤ ਉੱਤੇ ਇਲਾਕੇ ਦੀਆਂ ਸੰਗਤਾਂ ਅਤੇ ਧਾਰਮਿਕ ਸ਼ਖ਼ਸੀਅਤਾਂ ਨੇ ਡੂੰਘੇ ਦੁੱਖ ਦਾ ਪ੍ਰਗਟਾਵਾ ਕੀਤਾ। ਆਗੂਆਂ ਨੇ ਕਿਹਾ ਕਿ ਮਰਹੂਮ ਇੱਕ ਧਾਰਮਿਕ ਅਤੇ ਸਮਾਜ ਸੇਵੀ ਸ਼ਖ਼ਸੀਅਤ ਸਨ ਜਿਨ੍ਹਾਂ ਨੇ ਗਊ ਸੇਵਾ ਲਈ ਵੱਡਾ ਯੋਗਦਾਨ ਪਾਇਆ। ਅੰਤਿਮ ਅਰਦਾਸ ਮੌਕੇ ਵੱਡੀ ਗਿਣਤੀ ਵਿੱਚ ਸੰਗਤਾਂ ਨੇ ਸ਼ਿਰਕਤ ਕੀਤੀ ਅਤੇ ਵਿਛੜੀ ਰੂਹ ਦੀ ਸ਼ਾਂਤੀ ਲਈ ਅਰਦਾਸ ਕੀਤੀ ਗਈ। ਪਰਿਵਾਰ ਨਾਲ ਹਮਦਰਦੀ ਪ੍ਰਗਟਾਉਂਦਿਆਂ ਸਭਨਾਂ ਨੇ ਕਿਹਾ ਕਿ ਇਹ ਘਾਟਾ ਪੂਰਾ ਨਹੀਂ ਹੋ ਸਕਦਾ।
ਸੰਗਤ ਨੇ ਗੁਰਦੁਆਰਾ ਸਿੰਘ ਸਭਾ ਸਾਹਿਬ ਦਮਨੀ ਦੀ ਗੋਲੀ ਦਾ ਲੈਂਟਰ ਪਾਇਆ
ਸੇਵਾ ਕਰਦੀਆਂ ਹੋਈਆਂ ਸੰਗਤਾਂ
ਸੰਗਤਾਂ ਵੱਲੋਂ ਗੁਰਦੁਆਰਾ ਸਿੰਘ ਸਭਾ ਸਾਹਿਬ ਵਿਖੇ ਕਾਰ ਸੇਵਾ ਕਰਦਿਆਂ ਗੋਲੀ ਦਾ ਲੈਂਟਰ ਪਾਇਆ ਗਿਆ। ਇਸ ਸੇਵਾ ਵਿੱਚ ਪਿੰਡ ਦੀਆਂ ਸੰਗਤਾਂ ਨੇ ਵਧ ਚੜ੍ਹ ਕੇ ਹਿੱਸਾ ਲਿਆ।
ਸੇਵਾ ਦੌਰਾਨ ਗੁਰਬਾਣੀ ਕੀਰਤਨ ਹੁੰਦਾ ਰਿਹਾ ਅਤੇ ਸੰਗਤਾਂ ਨੇ ਸ਼ਰਧਾ ਭਾਵਨਾ ਨਾਲ ਸੇਵਾ ਨਿਭਾਈ। ਪ੍ਰਬੰਧਕਾਂ ਨੇ ਸਮੂਹ ਸੰਗਤਾਂ ਦਾ ਧੰਨਵਾਦ ਕੀਤਾ ਅਤੇ ਦੱਸਿਆ ਕਿ ਇਮਾਰਤ ਦਾ ਕੰਮ ਜਲਦੀ ਮੁਕੰਮਲ ਕਰ ਲਿਆ ਜਾਵੇਗਾ। ਅੰਤ ਵਿੱਚ ਗੁਰੂ ਕਾ ਲੰਗਰ ਅਟੁੱਟ ਵਰਤਿਆ।
ਸਿਹਤ ਮੰਤਰੀ ਡਾ. ਬਲਬੀਰ ਸਿੰਘ ਵੱਲੋਂ ਹੜ੍ਹਾਂ ਤੋਂ ਬਚਾਅ ਪ੍ਰਬੰਧਾਂ ਤੇ ਵਿਕਾਸ ਕਾਰਜਾਂ ਦਾ ਜਾਇਜ਼ਾ
ਪਟਿਆਲਾ : ਸਿਹਤ ਮੰਤਰੀ ਡਾ. ਬਲਬੀਰ ਸਿੰਘ ਨੇ ਅੱਜ ਜ਼ਿਲ੍ਹਾ ਪ੍ਰਸ਼ਾਸਨ ਦੇ ਅਧਿਕਾਰੀਆਂ ਨਾਲ ਮੀਟਿੰਗ ਕਰਕੇ ਹੜ੍ਹਾਂ ਤੋਂ ਬਚਾਅ ਦੇ ਪ੍ਰਬੰਧਾਂ ਅਤੇ ਚੱਲ ਰਹੇ ਵਿਕਾਸ ਕਾਰਜਾਂ ਦਾ ਜਾਇਜ਼ਾ ਲਿਆ।	PATIALA
ਮੀਟਿੰਗ ਦੀ ਪ੍ਰਧਾਨਗੀ ਕਰਦੇ ਹੋਏ ਸਿਹਤ ਮੰਤਰੀ ਡਾ. ਬਲਬੀਰ ਸਿੰਘ
ਉਨ੍ਹਾਂ ਅਧਿਕਾਰੀਆਂ ਨੂੰ ਹਦਾਇਤ ਕੀਤੀ ਕਿ ਬਰਸਾਤਾਂ ਤੋਂ ਪਹਿਲਾਂ ਸਾਰੇ ਪ੍ਰਬੰਧ ਮੁਕੰਮਲ ਕਰ ਲਏ ਜਾਣ। ਡਰੇਨਾਂ ਦੀ ਸਫ਼ਾਈ ਅਤੇ ਬੰਨ੍ਹਾਂ ਦੀ ਮਜ਼ਬੂਤੀ ਦਾ ਕੰਮ ਸਮੇਂ ਸਿਰ ਪੂਰਾ ਕੀਤਾ ਜਾਵੇ ਤਾਂ ਜੋ ਕਿਸੇ ਵੀ ਹਾਲਤ ਵਿੱਚ ਲੋਕਾਂ ਨੂੰ ਪ੍ਰੇਸ਼ਾਨੀ ਦਾ ਸਾਹਮਣਾ ਨਾ ਕਰਨਾ ਪਵੇ। ਉਨ੍ਹਾਂ ਵਿਕਾਸ ਕਾਰਜਾਂ ਵਿੱਚ ਤੇਜ਼ੀ ਲਿਆਉਣ ਲਈ ਵੀ ਕਿਹਾ।
